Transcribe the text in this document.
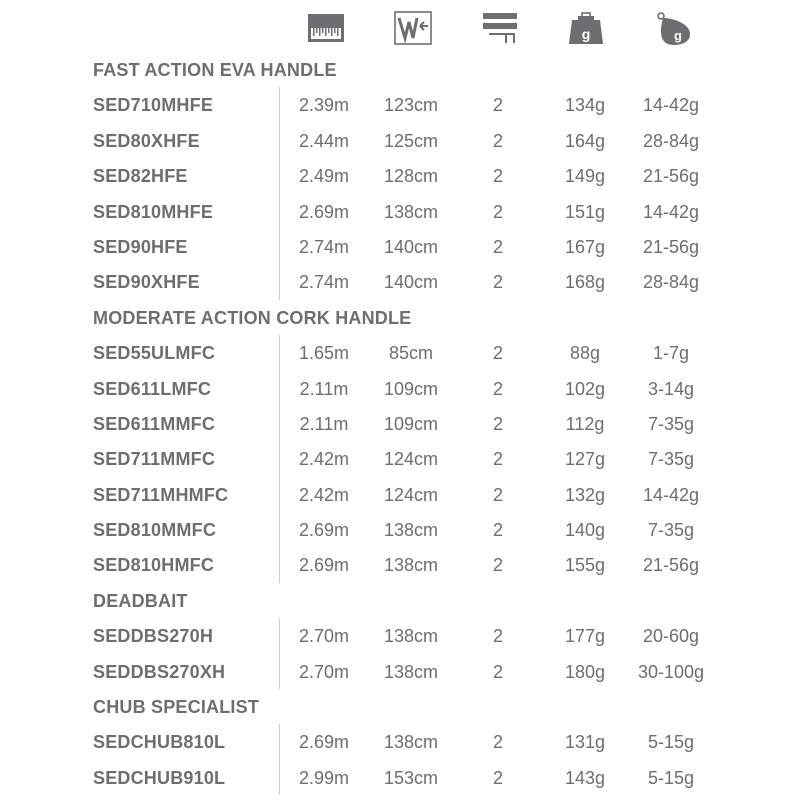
g	g
FAST ACTION EVA HANDLE
SED710MHFE	2.39m 123cm	2	134g 14-42g
SED80XHFE	2.44m 125cm	2	164g 28-84g
SED82HFE	2.49m 128cm	2	149g 21-56g
SED810MHFE	2.69m 138cm	2	151g 14-42g
SED90HFE	2.74m 140cm	2	167g 21-56g
SED90XHFE	2.74m 140cm	2	168g 28-84g
MODERATE ACTION CORK HANDLE
SED55ULMFC	1.65m 85cm	2	88g	1-7g
SED611LMFC	2.11m 109cm	2	102g 3-14g
SED611MMFC	2.11m 109cm	2	112g 7-35g
SED711MMFC	2.42m 124cm	2	127g 7-35g
SED711MHMFC	2.42m 124cm	2	132g 14-42g
SED810MMFC	2.69m 138cm	2	140g 7-35g
SED810HMFC	2.69m 138cm	2	155g 21-56g
DEADBAIT
SEDDBS270H	2.70m 138cm	2	177g 20-60g
SEDDBS270XH	2.70m 138cm	2	180g 30-100g
CHUB SPECIALIST
SEDCHUB810L	2.69m 138cm	2	131g 5-15g
SEDCHUB910L	2.99m 153cm	2	143g 5-15g
